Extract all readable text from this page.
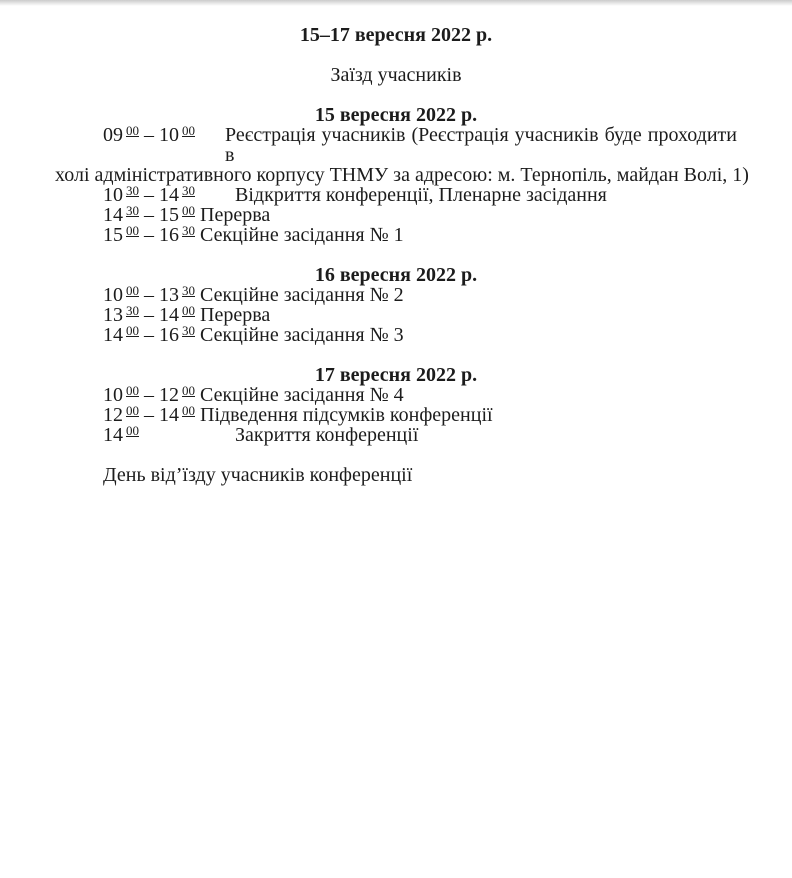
15–17 вересня 2022 р.
Заїзд учасників
15 вересня 2022 р.
09 $^{00}$ – 10 $^{00}$ Реєстрація учасників (Реєстрація учасників буде проходити в
холі адміністративного корпусу ТНМУ за адресою: м. Тернопіль, майдан Волі, 1)
10 $^{30}$ – 14 $^{30}$ Відкриття конференції, Пленарне засідання
14 $^{30}$ – 15 $^{00}$ Перерва
15 $^{00}$ – 16 $^{30}$ Секційне засідання № 1
16 вересня 2022 р.
10 $^{00}$ – 13 $^{30}$ Секційне засідання № 2
13 $^{30}$ – 14 $^{00}$ Перерва
14 $^{00}$ – 16 $^{30}$ Секційне засідання № 3
17 вересня 2022 р.
10 $^{00}$ – 12 $^{00}$ Секційне засідання № 4
12 $^{00}$ – 14 $^{00}$ Підведення підсумків конференції
14 $^{00}$	Закриття конференції
День від’їзду учасників конференції
